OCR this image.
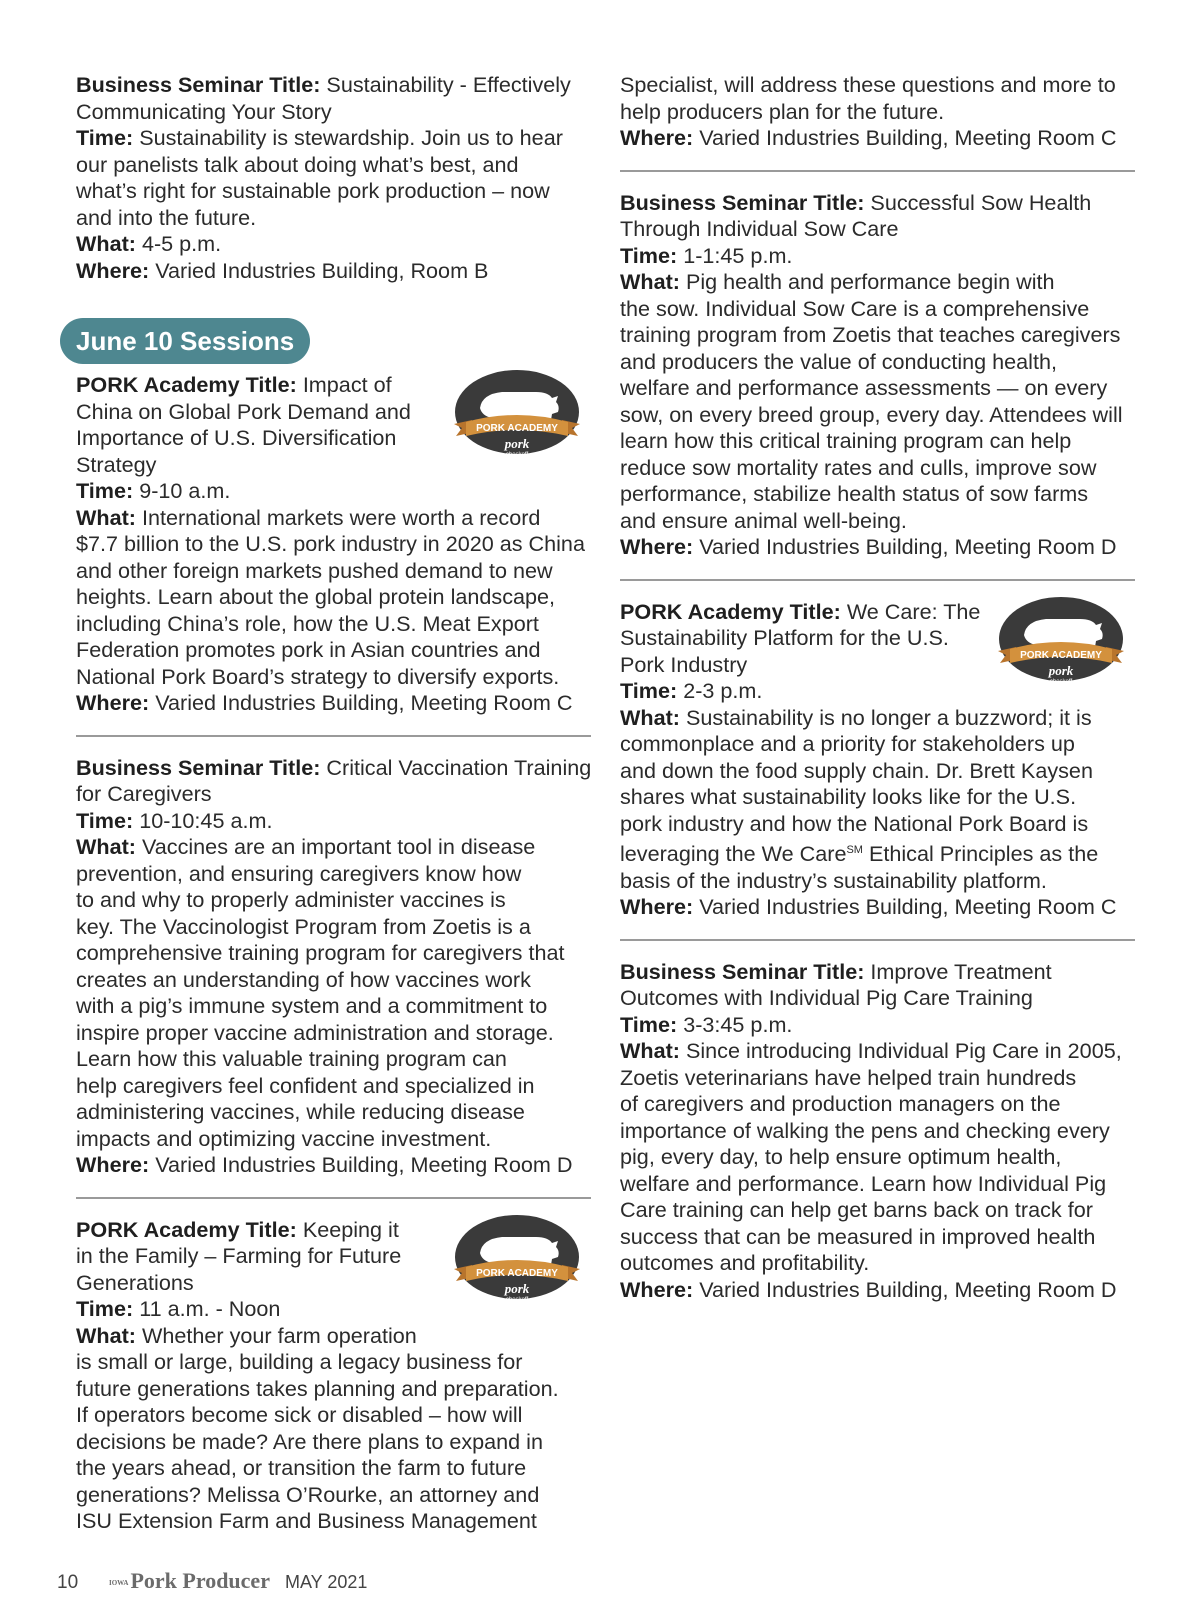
Business Seminar Title: Sustainability - Effectively
Communicating Your Story
Time: Sustainability is stewardship. Join us to hear
our panelists talk about doing what’s best, and
what’s right for sustainable pork production – now
and into the future.
What: 4-5 p.m.
Where: Varied Industries Building, Room B
June 10 Sessions
PORK ACADEMY
pork
checkoff
PORK Academy Title: Impact of
China on Global Pork Demand and
Importance of U.S. Diversification
Strategy
Time: 9-10 a.m.
What: International markets were worth a record
$7.7 billion to the U.S. pork industry in 2020 as China
and other foreign markets pushed demand to new
heights. Learn about the global protein landscape,
including China’s role, how the U.S. Meat Export
Federation promotes pork in Asian countries and
National Pork Board’s strategy to diversify exports.
Where: Varied Industries Building, Meeting Room C
Business Seminar Title: Critical Vaccination Training
for Caregivers
Time: 10-10:45 a.m.
What: Vaccines are an important tool in disease
prevention, and ensuring caregivers know how
to and why to properly administer vaccines is
key. The Vaccinologist Program from Zoetis is a
comprehensive training program for caregivers that
creates an understanding of how vaccines work
with a pig’s immune system and a commitment to
inspire proper vaccine administration and storage.
Learn how this valuable training program can
help caregivers feel confident and specialized in
administering vaccines, while reducing disease
impacts and optimizing vaccine investment.
Where: Varied Industries Building, Meeting Room D
PORK ACADEMY
pork
checkoff
PORK Academy Title: Keeping it
in the Family – Farming for Future
Generations
Time: 11 a.m. - Noon
What: Whether your farm operation
is small or large, building a legacy business for
future generations takes planning and preparation.
If operators become sick or disabled – how will
decisions be made? Are there plans to expand in
the years ahead, or transition the farm to future
generations? Melissa O’Rourke, an attorney and
ISU Extension Farm and Business Management
Specialist, will address these questions and more to
help producers plan for the future.
Where: Varied Industries Building, Meeting Room C
Business Seminar Title: Successful Sow Health
Through Individual Sow Care
Time: 1-1:45 p.m.
What: Pig health and performance begin with
the sow. Individual Sow Care is a comprehensive
training program from Zoetis that teaches caregivers
and producers the value of conducting health,
welfare and performance assessments — on every
sow, on every breed group, every day. Attendees will
learn how this critical training program can help
reduce sow mortality rates and culls, improve sow
performance, stabilize health status of sow farms
and ensure animal well-being.
Where: Varied Industries Building, Meeting Room D
PORK ACADEMY
pork
checkoff
PORK Academy Title: We Care: The
Sustainability Platform for the U.S.
Pork Industry
Time: 2-3 p.m.
What: Sustainability is no longer a buzzword; it is
commonplace and a priority for stakeholders up
and down the food supply chain. Dr. Brett Kaysen
shares what sustainability looks like for the U.S.
pork industry and how the National Pork Board is
leveraging the We Care℠ Ethical Principles as the
basis of the industry’s sustainability platform.
Where: Varied Industries Building, Meeting Room C
Business Seminar Title: Improve Treatment
Outcomes with Individual Pig Care Training
Time: 3-3:45 p.m.
What: Since introducing Individual Pig Care in 2005,
Zoetis veterinarians have helped train hundreds
of caregivers and production managers on the
importance of walking the pens and checking every
pig, every day, to help ensure optimum health,
welfare and performance. Learn how Individual Pig
Care training can help get barns back on track for
success that can be measured in improved health
outcomes and profitability.
Where: Varied Industries Building, Meeting Room D
10	IOWAPork Producer MAY 2021
